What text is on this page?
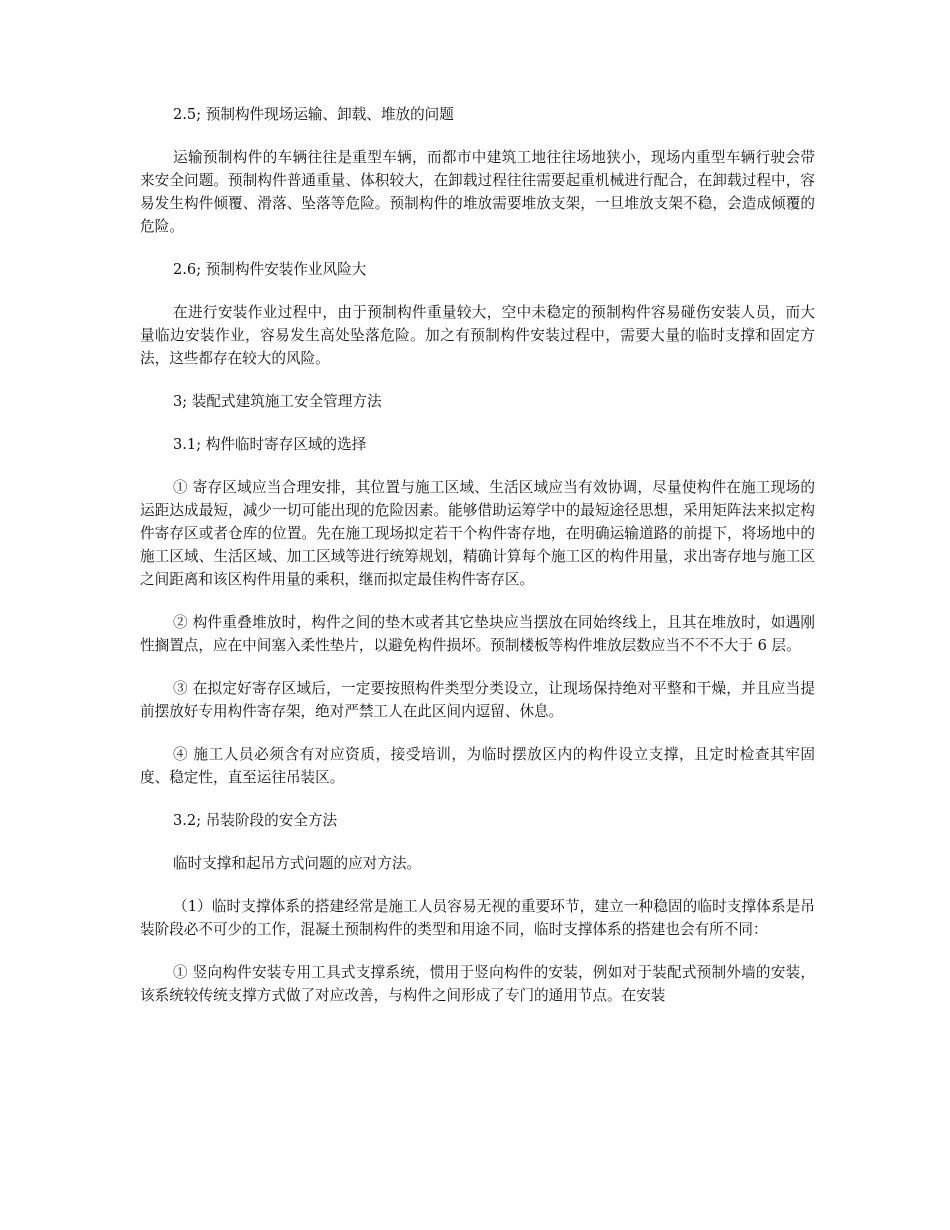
2.5; 预制构件现场运输、卸载、堆放的问题

运输预制构件的车辆往往是重型车辆，而都市中建筑工地往往场地狭小，现场内重型车辆行驶会带来安全问题。预制构件普通重量、体积较大，在卸载过程往往需要起重机械进行配合，在卸载过程中，容易发生构件倾覆、滑落、坠落等危险。预制构件的堆放需要堆放支架，一旦堆放支架不稳，会造成倾覆的危险。

2.6; 预制构件安装作业风险大

在进行安装作业过程中，由于预制构件重量较大，空中未稳定的预制构件容易碰伤安装人员，而大量临边安装作业，容易发生高处坠落危险。加之有预制构件安装过程中，需要大量的临时支撑和固定方法，这些都存在较大的风险。

3; 装配式建筑施工安全管理方法

3.1; 构件临时寄存区域的选择

① 寄存区域应当合理安排，其位置与施工区域、生活区域应当有效协调，尽量使构件在施工现场的运距达成最短，减少一切可能出现的危险因素。能够借助运筹学中的最短途径思想，采用矩阵法来拟定构件寄存区或者仓库的位置。先在施工现场拟定若干个构件寄存地，在明确运输道路的前提下，将场地中的施工区域、生活区域、加工区域等进行统筹规划，精确计算每个施工区的构件用量，求出寄存地与施工区之间距离和该区构件用量的乘积，继而拟定最佳构件寄存区。

② 构件重叠堆放时，构件之间的垫木或者其它垫块应当摆放在同始终线上，且其在堆放时，如遇刚性搁置点，应在中间塞入柔性垫片，以避免构件损坏。预制楼板等构件堆放层数应当不不不大于 6 层。

③ 在拟定好寄存区域后，一定要按照构件类型分类设立，让现场保持绝对平整和干燥，并且应当提前摆放好专用构件寄存架，绝对严禁工人在此区间内逗留、休息。

④ 施工人员必须含有对应资质，接受培训，为临时摆放区内的构件设立支撑，且定时检查其牢固度、稳定性，直至运往吊装区。

3.2; 吊装阶段的安全方法

临时支撑和起吊方式问题的应对方法。

（1）临时支撑体系的搭建经常是施工人员容易无视的重要环节，建立一种稳固的临时支撑体系是吊装阶段必不可少的工作，混凝土预制构件的类型和用途不同，临时支撑体系的搭建也会有所不同：

① 竖向构件安装专用工具式支撑系统，惯用于竖向构件的安装，例如对于装配式预制外墙的安装，该系统较传统支撑方式做了对应改善，与构件之间形成了专门的通用节点。在安装
